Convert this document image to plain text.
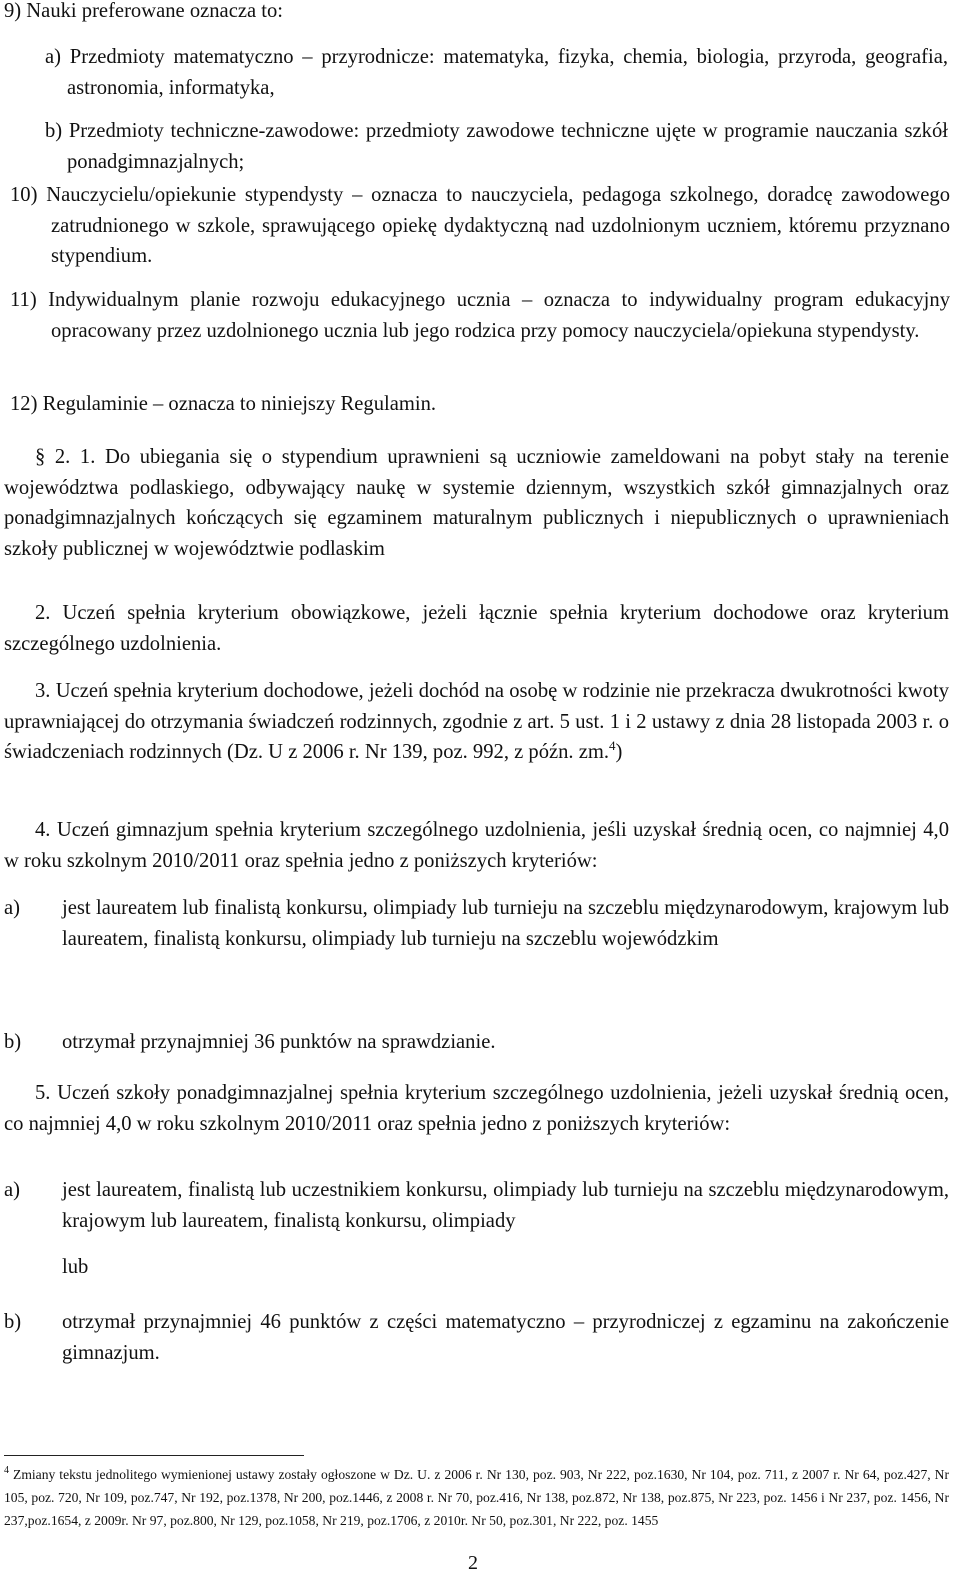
9) Nauki preferowane oznacza to:
a) Przedmioty matematyczno – przyrodnicze: matematyka, fizyka, chemia, biologia, przyroda, geografia, astronomia, informatyka,
b) Przedmioty techniczne-zawodowe: przedmioty zawodowe techniczne ujęte w programie nauczania szkół ponadgimnazjalnych;
10) Nauczycielu/opiekunie stypendysty – oznacza to nauczyciela, pedagoga szkolnego, doradcę zawodowego zatrudnionego w szkole, sprawującego opiekę dydaktyczną nad uzdolnionym uczniem, któremu przyznano stypendium.
11) Indywidualnym planie rozwoju edukacyjnego ucznia – oznacza to indywidualny program edukacyjny opracowany przez uzdolnionego ucznia lub jego rodzica przy pomocy nauczyciela/opiekuna stypendysty.
12) Regulaminie – oznacza to niniejszy Regulamin.
§ 2. 1. Do ubiegania się o stypendium uprawnieni są uczniowie zameldowani na pobyt stały na terenie województwa podlaskiego, odbywający naukę w systemie dziennym, wszystkich szkół gimnazjalnych oraz ponadgimnazjalnych kończących się egzaminem maturalnym publicznych i niepublicznych o uprawnieniach szkoły publicznej w województwie podlaskim
2. Uczeń spełnia kryterium obowiązkowe, jeżeli łącznie spełnia kryterium dochodowe oraz kryterium szczególnego uzdolnienia.
3. Uczeń spełnia kryterium dochodowe, jeżeli dochód na osobę w rodzinie nie przekracza dwukrotności kwoty uprawniającej do otrzymania świadczeń rodzinnych, zgodnie z art. 5 ust. 1 i 2 ustawy z dnia 28 listopada 2003 r. o świadczeniach rodzinnych (Dz. U z 2006 r. Nr 139, poz. 992, z późn. zm.$^4$)
4. Uczeń gimnazjum spełnia kryterium szczególnego uzdolnienia, jeśli uzyskał średnią ocen, co najmniej 4,0 w roku szkolnym 2010/2011 oraz spełnia jedno z poniższych kryteriów:
a)	jest laureatem lub finalistą konkursu, olimpiady lub turnieju na szczeblu międzynarodowym, krajowym lub laureatem, finalistą konkursu, olimpiady lub turnieju na szczeblu wojewódzkim
b)	otrzymał przynajmniej 36 punktów na sprawdzianie.
5. Uczeń szkoły ponadgimnazjalnej spełnia kryterium szczególnego uzdolnienia, jeżeli uzyskał średnią ocen, co najmniej 4,0 w roku szkolnym 2010/2011 oraz spełnia jedno z poniższych kryteriów:
a)	jest laureatem, finalistą lub uczestnikiem konkursu, olimpiady lub turnieju na szczeblu międzynarodowym, krajowym lub laureatem, finalistą konkursu, olimpiady
lub
b)	otrzymał przynajmniej 46 punktów z części matematyczno – przyrodniczej z egzaminu na zakończenie gimnazjum.
$^4$ Zmiany tekstu jednolitego wymienionej ustawy zostały ogłoszone w Dz. U. z 2006 r. Nr 130, poz. 903, Nr 222, poz.1630, Nr 104, poz. 711, z 2007 r. Nr 64, poz.427, Nr 105, poz. 720, Nr 109, poz.747, Nr 192, poz.1378, Nr 200, poz.1446, z 2008 r. Nr 70, poz.416, Nr 138, poz.872, Nr 138, poz.875, Nr 223, poz. 1456 i Nr 237, poz. 1456, Nr 237,poz.1654, z 2009r. Nr 97, poz.800, Nr 129, poz.1058, Nr 219, poz.1706, z 2010r. Nr 50, poz.301, Nr 222, poz. 1455
2
